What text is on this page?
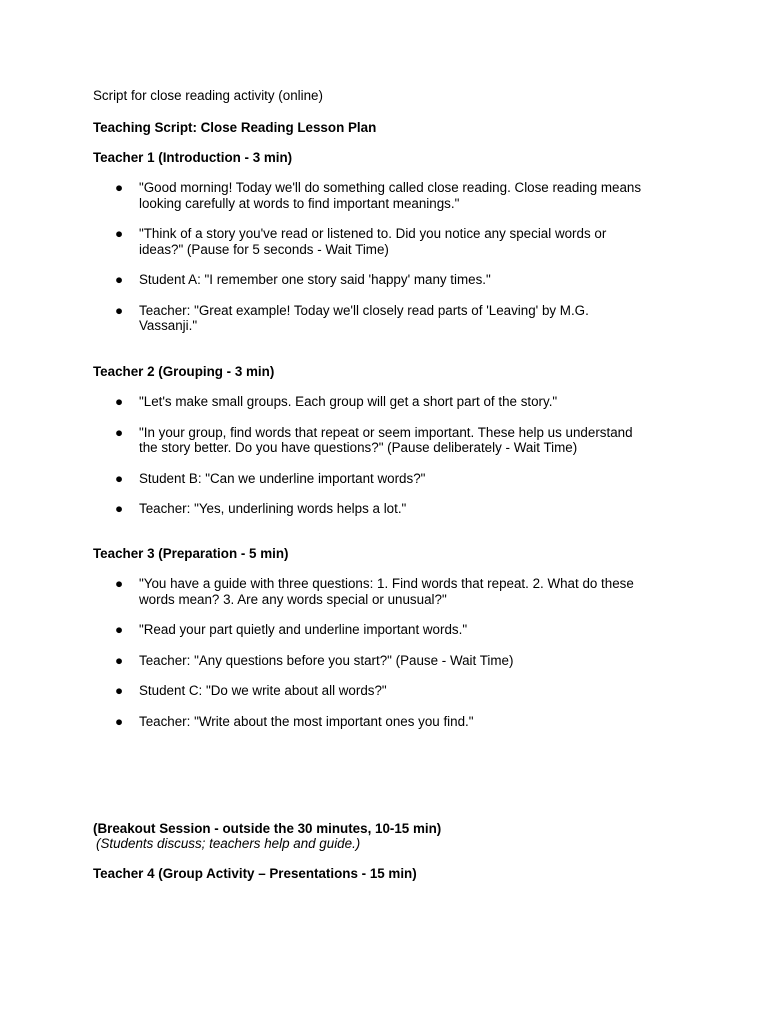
Script for close reading activity (online)

Teaching Script: Close Reading Lesson Plan

Teacher 1 (Introduction - 3 min)

● "Good morning! Today we'll do something called close reading. Close reading means
looking carefully at words to find important meanings."
● "Think of a story you've read or listened to. Did you notice any special words or
ideas?" (Pause for 5 seconds - Wait Time)
● Student A: "I remember one story said 'happy' many times."
● Teacher: "Great example! Today we'll closely read parts of 'Leaving' by M.G.
Vassanji."

Teacher 2 (Grouping - 3 min)

● "Let's make small groups. Each group will get a short part of the story."
● "In your group, find words that repeat or seem important. These help us understand
the story better. Do you have questions?" (Pause deliberately - Wait Time)
● Student B: "Can we underline important words?"
● Teacher: "Yes, underlining words helps a lot."

Teacher 3 (Preparation - 5 min)

● "You have a guide with three questions: 1. Find words that repeat. 2. What do these
words mean? 3. Are any words special or unusual?"
● "Read your part quietly and underline important words."
● Teacher: "Any questions before you start?" (Pause - Wait Time)
● Student C: "Do we write about all words?"
● Teacher: "Write about the most important ones you find."

(Breakout Session - outside the 30 minutes, 10-15 min)

(Students discuss; teachers help and guide.)

Teacher 4 (Group Activity – Presentations - 15 min)
